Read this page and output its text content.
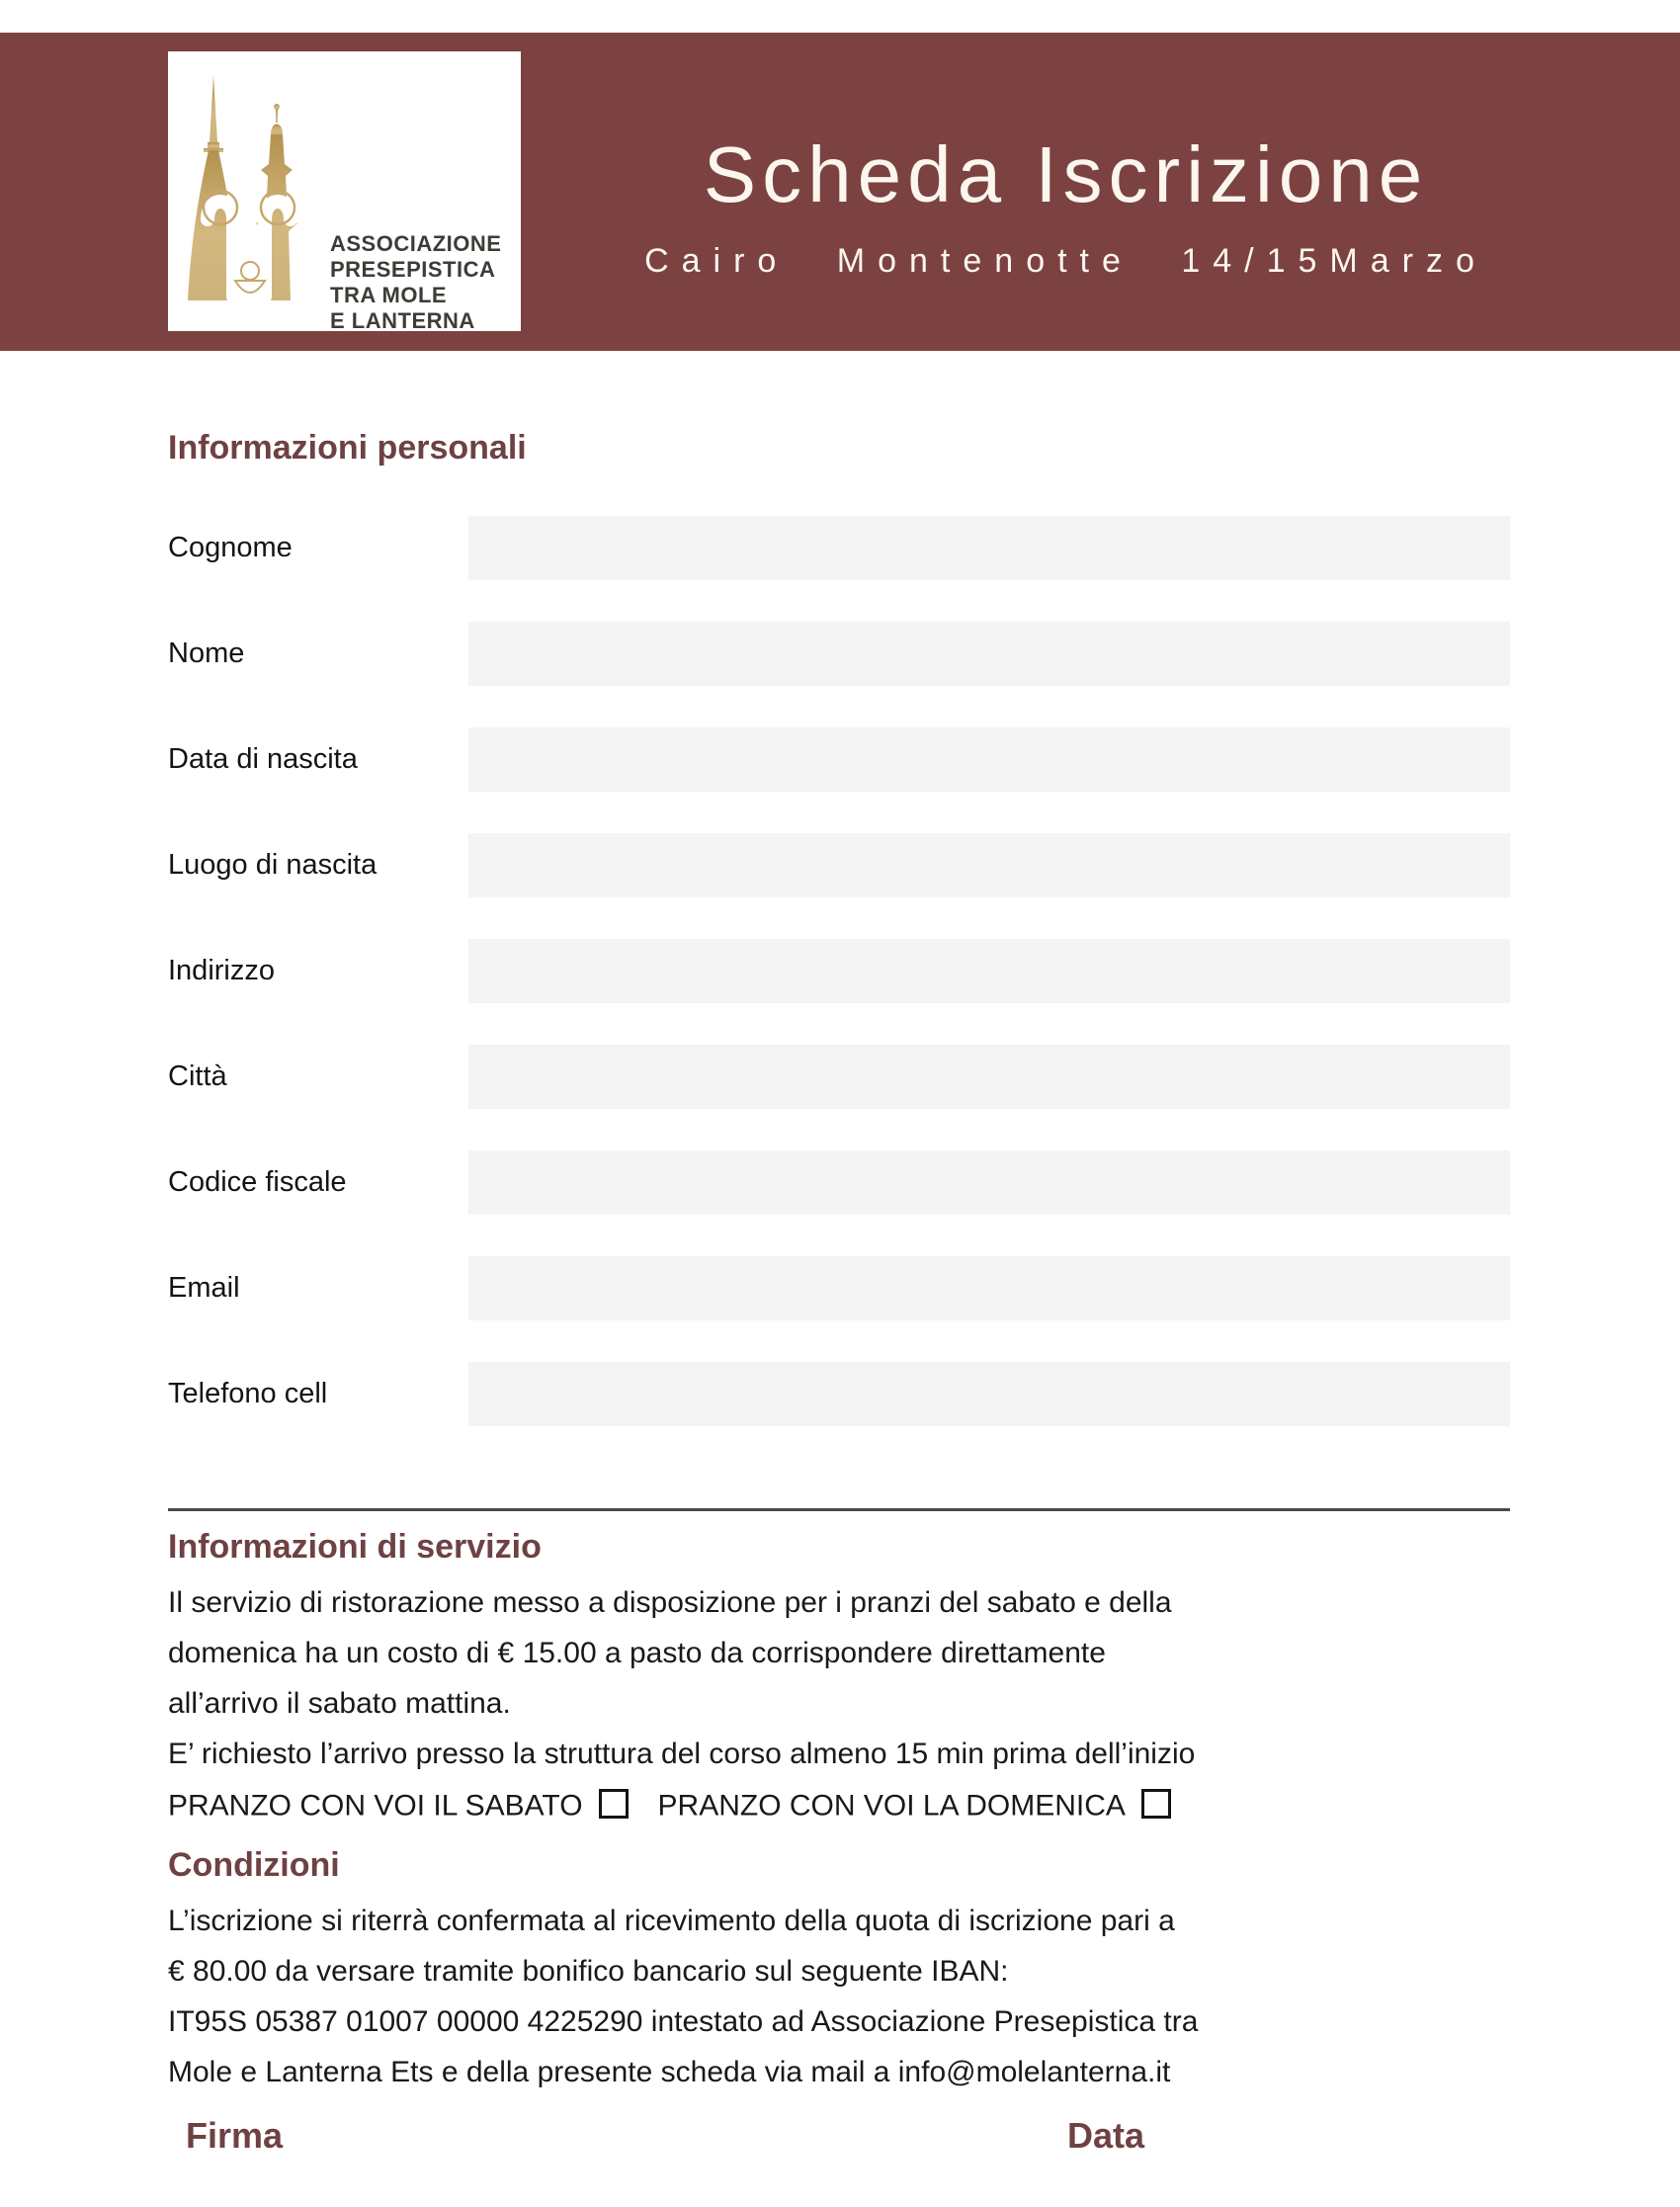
ASSOCIAZIONE
PRESEPISTICA
TRA MOLE
E LANTERNA
Scheda Iscrizione
Cairo Montenotte 14/15Marzo
Informazioni personali
Cognome
Nome
Data di nascita
Luogo di nascita
Indirizzo
Città
Codice fiscale
Email
Telefono cell
Informazioni di servizio
Il servizio di ristorazione messo a disposizione per i pranzi del sabato e della
domenica ha un costo di € 15.00 a pasto da corrispondere direttamente
all’arrivo il sabato mattina.
E’ richiesto l’arrivo presso la struttura del corso almeno 15 min prima dell’inizio
PRANZO CON VOI IL SABATO	PRANZO CON VOI LA DOMENICA
Condizioni
L’iscrizione si riterrà confermata al ricevimento della quota di iscrizione pari a
€ 80.00 da versare tramite bonifico bancario sul seguente IBAN:
IT95S 05387 01007 00000 4225290 intestato ad Associazione Presepistica tra
Mole e Lanterna Ets e della presente scheda via mail a info@molelanterna.it
Firma	Data
